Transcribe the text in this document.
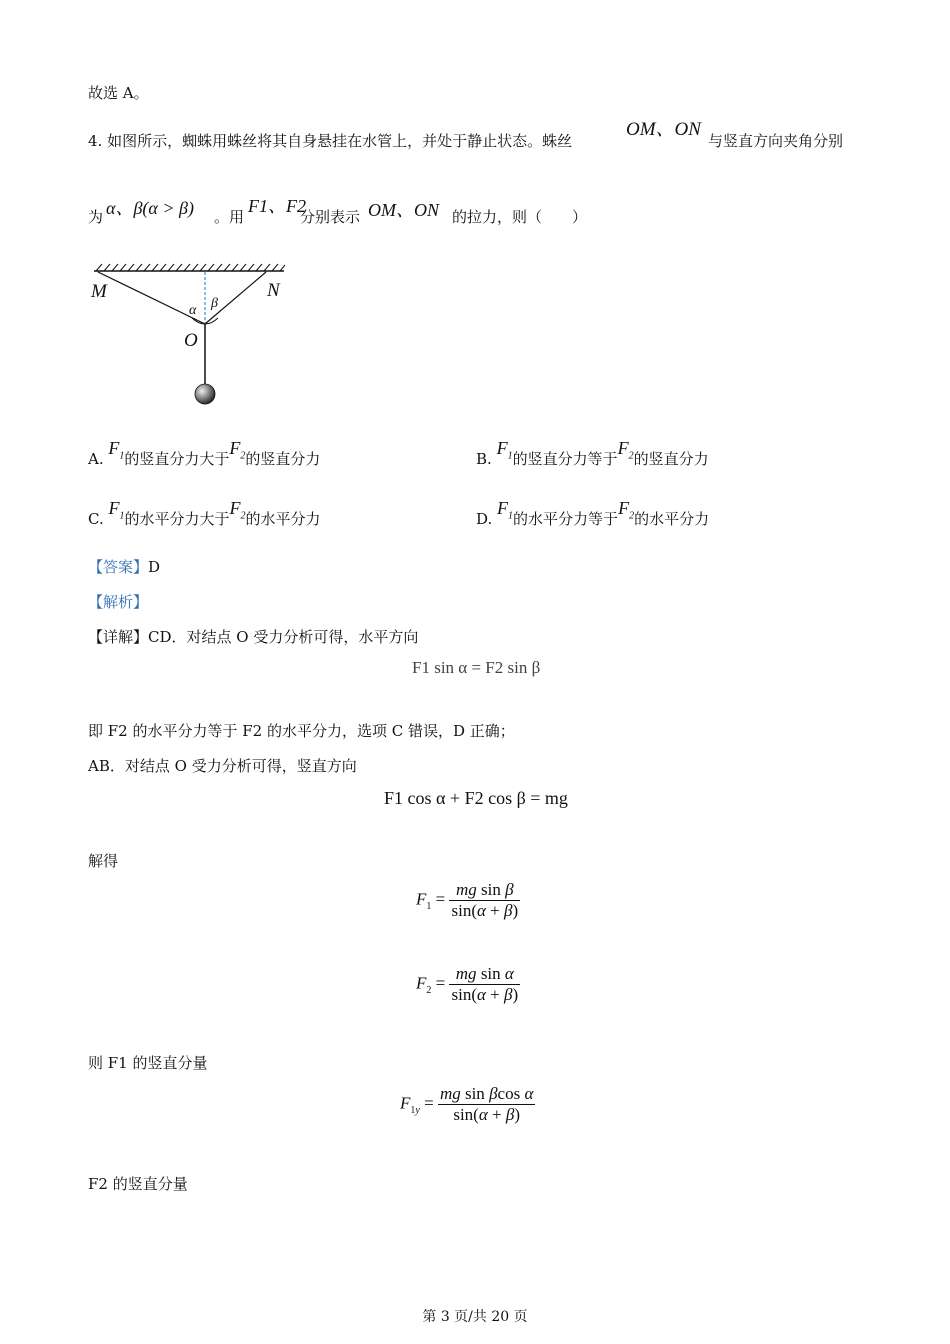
故选 A。
4. 如图所示，蜘蛛用蛛丝将其自身悬挂在水管上，并处于静止状态。蛛丝
OM、ON
与竖直方向夹角分别
为 α、β(α > β) 。用
F1、F2
分别表示 OM、ON 的拉力，则（　　）
M	N
O
α β
A. $F_1$的竖直分力大于$F_2$的竖直分力	B. $F_1$的竖直分力等于$F_2$的竖直分力
C. $F_1$的水平分力大于$F_2$的水平分力	D. $F_1$的水平分力等于$F_2$的水平分力
【答案】D
【解析】
【详解】CD．对结点 O 受力分析可得，水平方向
F1 sin α = F2 sin β
即 F2 的水平分力等于 F2 的水平分力，选项 C 错误，D 正确；
AB．对结点 O 受力分析可得，竖直方向
F1 cos α + F2 cos β = mg
解得
$F_1 = \frac{\text{mg sin β}}{\sin(\alpha + \beta)}$
$F_2 = \frac{\text{mg sin α}}{\sin(\alpha + \beta)}$
则 F1 的竖直分量
$F_{1y} = \frac{\text{mg sin βcos α}}{\sin(\alpha + \beta)}$
F2 的竖直分量
第 3 页/共 20 页
